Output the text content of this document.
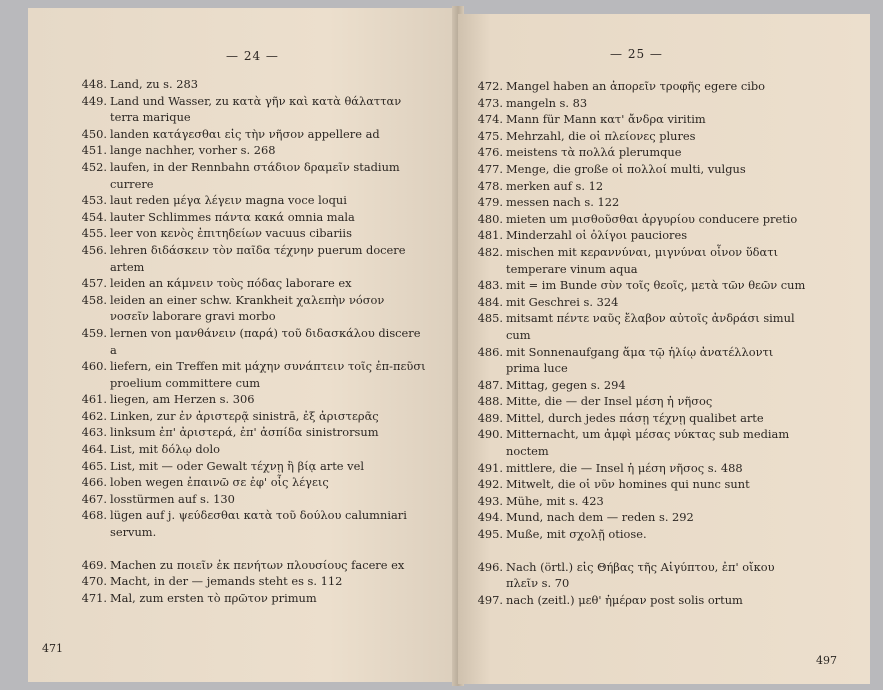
— 24 —
448. Land, zu s. 283
449. Land und Wasser, zu κατὰ γῆν καὶ κατὰ θάλατταν terra marique
450. landen κατάγεσθαι εἰς τὴν νῆσον appellere ad
451. lange nachher, vorher s. 268
452. laufen, in der Rennbahn στάδιον δραμεῖν stadium currere
453. laut reden μέγα λέγειν magna voce loqui
454. lauter Schlimmes πάντα κακά omnia mala
455. leer von κενὸς ἐπιτηδείων vacuus cibariis
456. lehren διδάσκειν τὸν παῖδα τέχνην puerum docere artem
457. leiden an κάμνειν τοὺς πόδας laborare ex
458. leiden an einer schw. Krankheit χαλεπὴν νόσον νοσεῖν laborare gravi morbo
459. lernen von μανθάνειν (παρά) τοῦ διδασκάλου discere a
460. liefern, ein Treffen mit μάχην συνάπτειν τοῖς ἐπ-πεῦσι proelium committere cum
461. liegen, am Herzen s. 306
462. Linken, zur ἐν ἀριστερᾷ sinistrā, ἐξ ἀριστερᾶς
463. linksum ἐπ' ἀριστερά, ἐπ' ἀσπίδα sinistrorsum
464. List, mit δόλῳ dolo
465. List, mit — oder Gewalt τέχνῃ ἢ βίᾳ arte vel
466. loben wegen ἐπαινῶ σε ἐφ' οἷς λέγεις
467. losstürmen auf s. 130
468. lügen auf j. ψεύδεσθαι κατὰ τοῦ δούλου calumniari servum.
469. Machen zu ποιεῖν ἐκ πενήτων πλουσίους facere ex
470. Macht, in der — jemands steht es s. 112
471. Mal, zum ersten τὸ πρῶτον primum
471
— 25 —
472. Mangel haben an ἀπορεῖν τροφῆς egere cibo
473. mangeln s. 83
474. Mann für Mann κατ' ἄνδρα viritim
475. Mehrzahl, die οἱ πλείονες plures
476. meistens τὰ πολλά plerumque
477. Menge, die große οἱ πολλοί multi, vulgus
478. merken auf s. 12
479. messen nach s. 122
480. mieten um μισθοῦσθαι ἀργυρίου conducere pretio
481. Minderzahl οἱ ὀλίγοι pauciores
482. mischen mit κεραννύναι, μιγνύναι οἶνον ὕδατι temperare vinum aqua
483. mit = im Bunde σὺν τοῖς θεοῖς, μετὰ τῶν θεῶν cum
484. mit Geschrei s. 324
485. mitsamt πέντε ναῦς ἔλαβον αὐτοῖς ἀνδράσι simul cum
486. mit Sonnenaufgang ἅμα τῷ ἡλίῳ ἀνατέλλοντι prima luce
487. Mittag, gegen s. 294
488. Mitte, die — der Insel μέση ἡ νῆσος
489. Mittel, durch jedes πάσῃ τέχνῃ qualibet arte
490. Mitternacht, um ἀμφὶ μέσας νύκτας sub mediam noctem
491. mittlere, die — Insel ἡ μέση νῆσος s. 488
492. Mitwelt, die οἱ νῦν homines qui nunc sunt
493. Mühe, mit s. 423
494. Mund, nach dem — reden s. 292
495. Muße, mit σχολῇ otiose.
496. Nach (örtl.) εἰς Θήβας τῆς Αἰγύπτου, ἐπ' οἴκου πλεῖν s. 70
497. nach (zeitl.) μεθ' ἡμέραν post solis ortum
497
